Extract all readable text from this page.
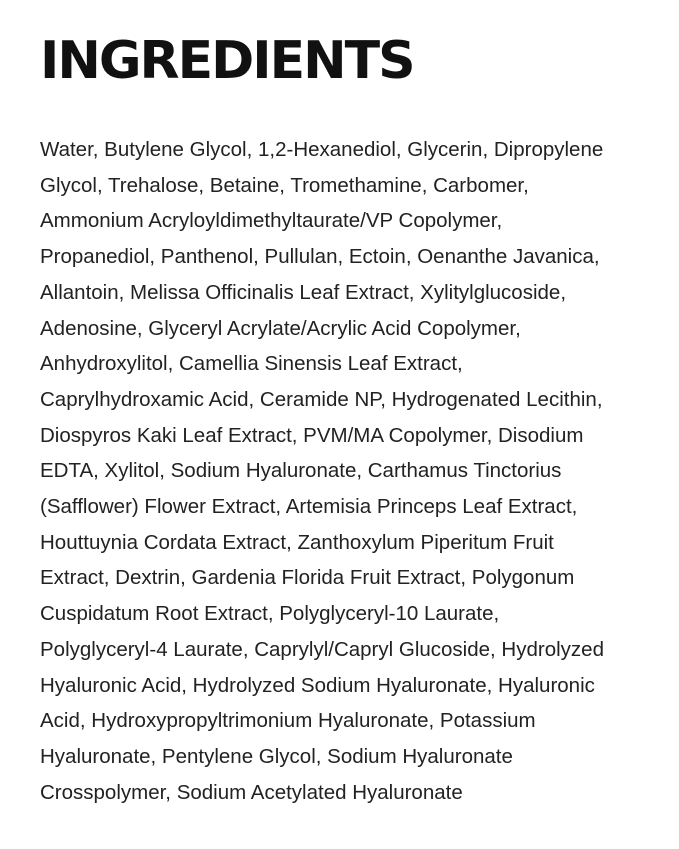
INGREDIENTS

Water, Butylene Glycol, 1,2-Hexanediol, Glycerin, Dipropylene
Glycol, Trehalose, Betaine, Tromethamine, Carbomer,
Ammonium Acryloyldimethyltaurate/VP Copolymer,
Propanediol, Panthenol, Pullulan, Ectoin, Oenanthe Javanica,
Allantoin, Melissa Officinalis Leaf Extract, Xylitylglucoside,
Adenosine, Glyceryl Acrylate/Acrylic Acid Copolymer,
Anhydroxylitol, Camellia Sinensis Leaf Extract,
Caprylhydroxamic Acid, Ceramide NP, Hydrogenated Lecithin,
Diospyros Kaki Leaf Extract, PVM/MA Copolymer, Disodium
EDTA, Xylitol, Sodium Hyaluronate, Carthamus Tinctorius
(Safflower) Flower Extract, Artemisia Princeps Leaf Extract,
Houttuynia Cordata Extract, Zanthoxylum Piperitum Fruit
Extract, Dextrin, Gardenia Florida Fruit Extract, Polygonum
Cuspidatum Root Extract, Polyglyceryl-10 Laurate,
Polyglyceryl-4 Laurate, Caprylyl/Capryl Glucoside, Hydrolyzed
Hyaluronic Acid, Hydrolyzed Sodium Hyaluronate, Hyaluronic
Acid, Hydroxypropyltrimonium Hyaluronate, Potassium
Hyaluronate, Pentylene Glycol, Sodium Hyaluronate
Crosspolymer, Sodium Acetylated Hyaluronate
